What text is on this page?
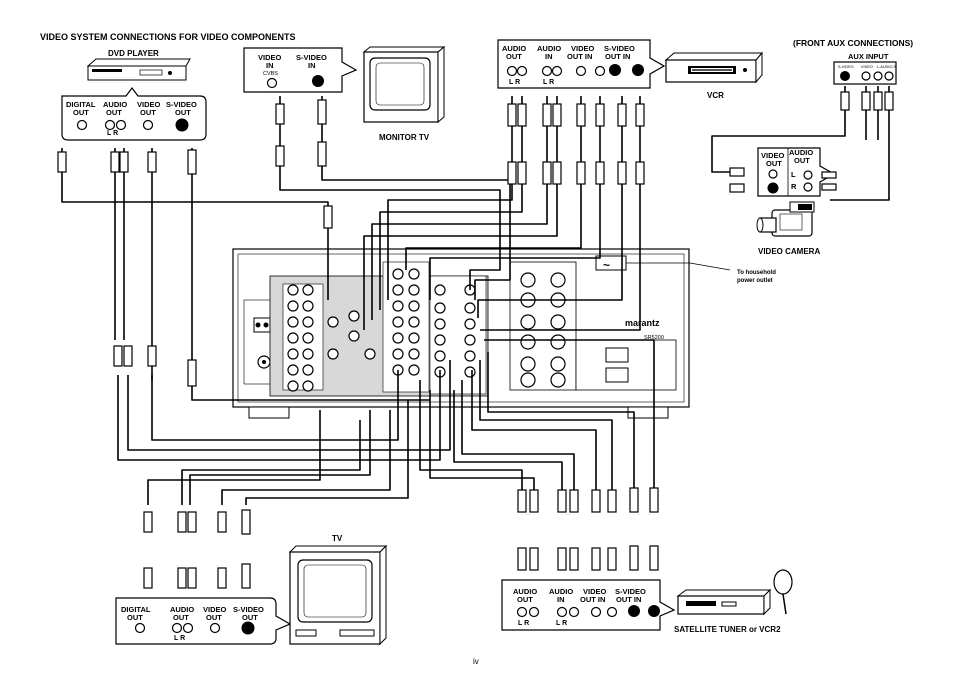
VIDEO SYSTEM CONNECTIONS FOR VIDEO COMPONENTS
(FRONT AUX CONNECTIONS)
DVD PLAYER
DIGITAL
OUT
AUDIO
OUT
VIDEO
OUT
S-VIDEO
OUT
L R
VIDEO
IN
CVBS
S-VIDEO
IN
MONITOR TV
AUDIO
OUT
AUDIO
IN
VIDEO
OUT IN
S-VIDEO
OUT IN
L R	L R
VCR
AUX INPUT
S-VIDEO VIDEO L-AUDIO-R
VIDEO
OUT
AUDIO
OUT
L
R
VIDEO CAMERA
~
marantz
SR5200
To household
power outlet
DIGITAL
OUT
AUDIO
OUT
VIDEO
OUT
S-VIDEO
OUT
L R
TV
AUDIO
OUT
AUDIO
IN
VIDEO
OUT IN
S-VIDEO
OUT IN
L R	L R
SATELLITE TUNER or VCR2
iv
